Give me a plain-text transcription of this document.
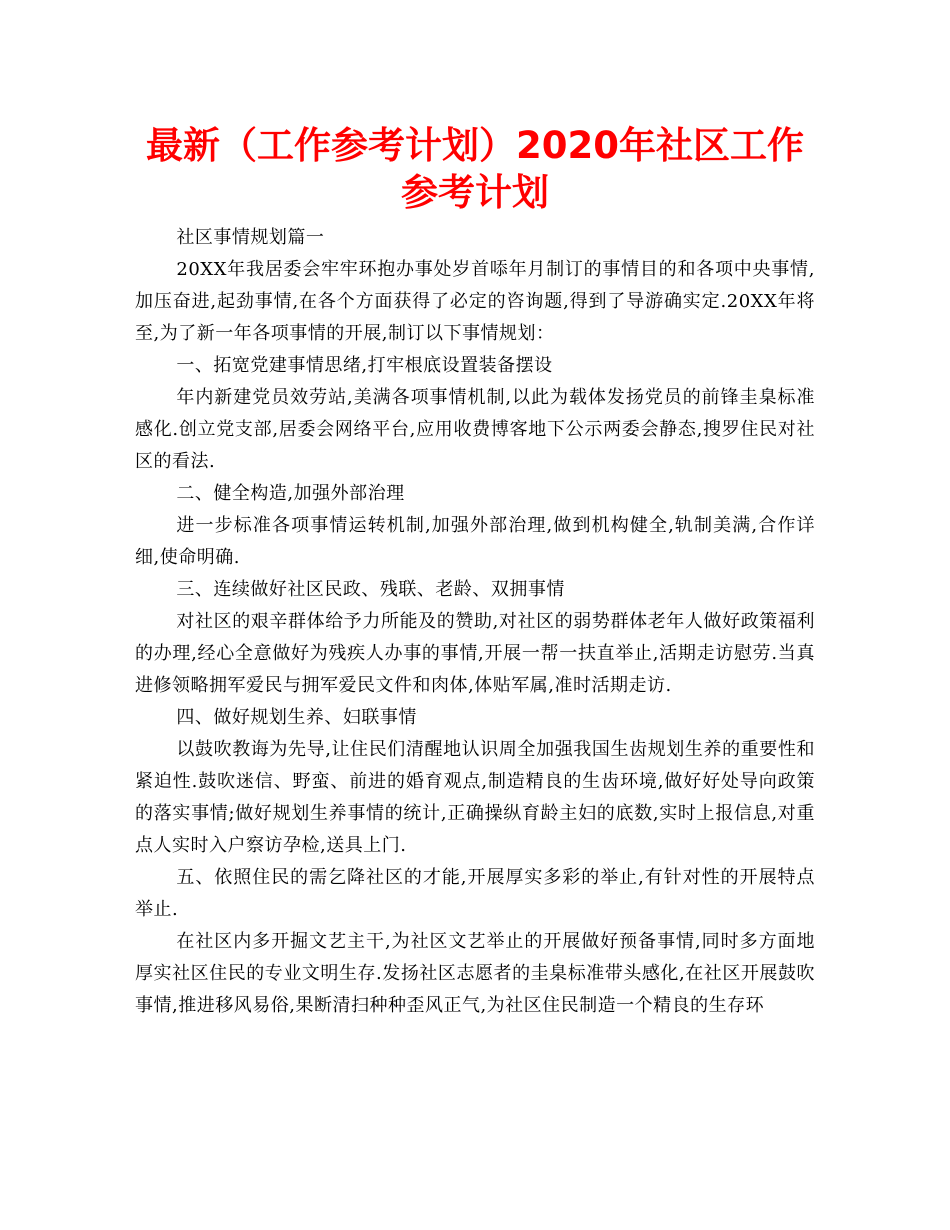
最新（工作参考计划）2020年社区工作参考计划

社区事情规划篇一

20XX年我居委会牢牢环抱办事处岁首㖭年月制订的事情目的和各项中央事情,加压奋进,起劲事情,在各个方面获得了必定的咨询题,得到了导游确实定.20XX年将至,为了新一年各项事情的开展,制订以下事情规划：

一、拓宽党建事情思绪,打牢根底设置装备摆设

年内新建党员效劳站,美满各项事情机制,以此为载体发扬党员的前锋圭臬标准感化.创立党支部,居委会网络平台,应用收费博客地下公示两委会静态,搜罗住民对社区的看法.

二、健全构造,加强外部治理

进一步标准各项事情运转机制,加强外部治理,做到机构健全,轨制美满,合作详细,使命明确.

三、连续做好社区民政、残联、老龄、双拥事情

对社区的艰辛群体给予力所能及的赞助,对社区的弱势群体老年人做好政策福利的办理,经心全意做好为残疾人办事的事情,开展一帮一扶直举止,活期走访慰劳.当真进修领略拥军爱民与拥军爱民文件和肉体,体贴军属,准时活期走访.

四、做好规划生养、妇联事情

以鼓吹教诲为先导,让住民们清醒地认识周全加强我国生齿规划生养的重要性和紧迫性.鼓吹迷信、野蛮、前进的婚育观点,制造精良的生齿环境,做好好处导向政策的落实事情;做好规划生养事情的统计,正确操纵育龄主妇的底数,实时上报信息,对重点人实时入户察访孕检,送具上门.

五、依照住民的需乞降社区的才能,开展厚实多彩的举止,有针对性的开展特点举止.

在社区内多开掘文艺主干,为社区文艺举止的开展做好预备事情,同时多方面地厚实社区住民的专业文明生存.发扬社区志愿者的圭臬标准带头感化,在社区开展鼓吹事情,推进移风易俗,果断清扫种种歪风正气,为社区住民制造一个精良的生存环
